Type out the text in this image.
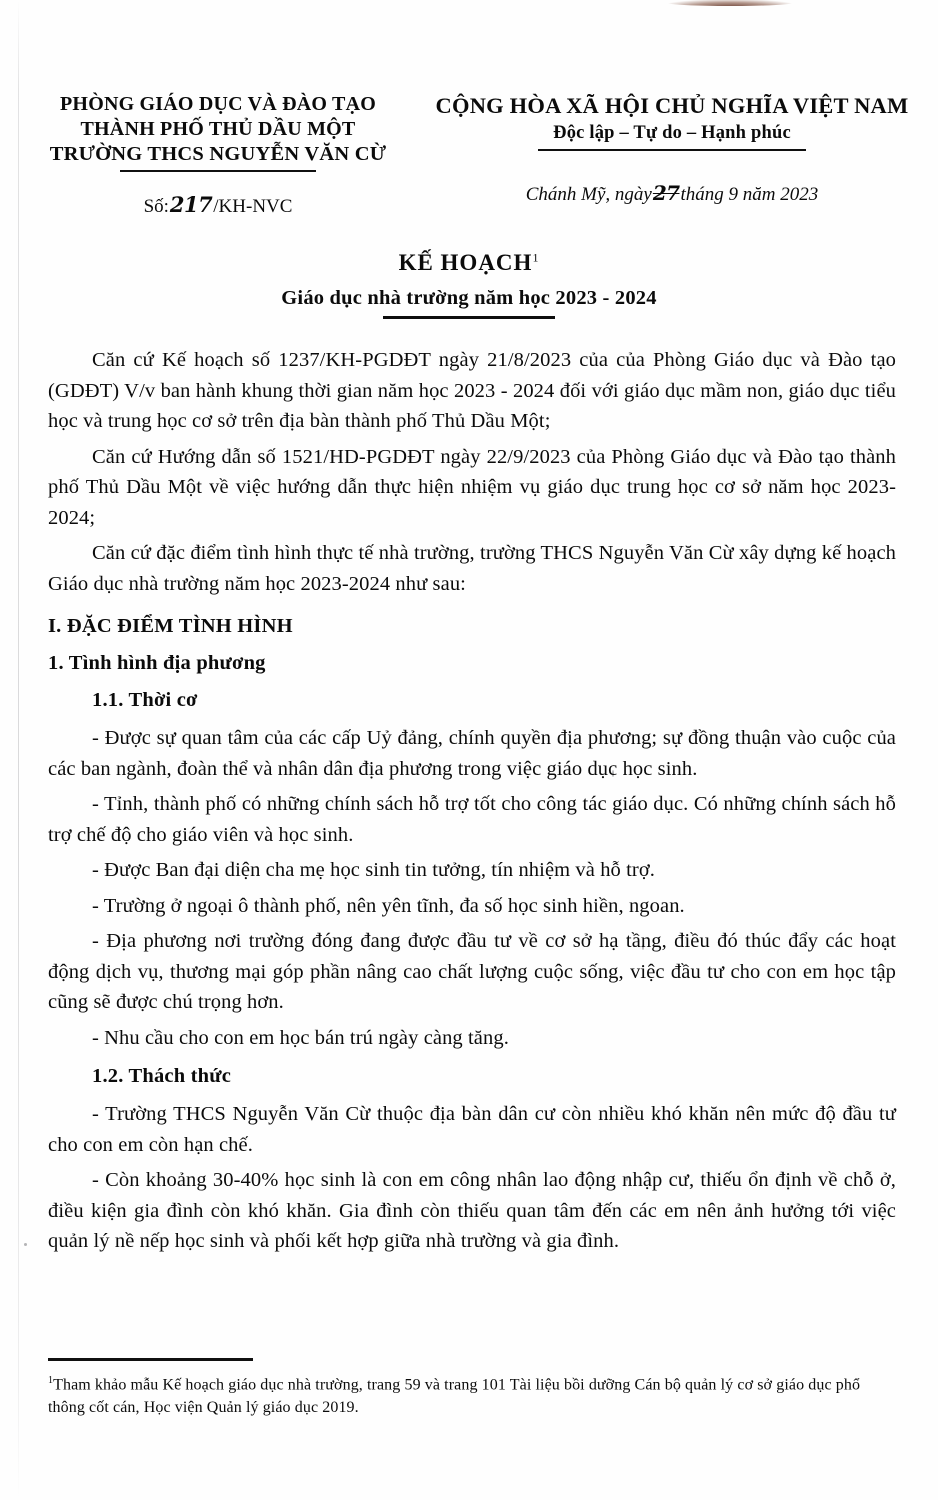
PHÒNG GIÁO DỤC VÀ ĐÀO TẠO
THÀNH PHỐ THỦ DẦU MỘT
TRƯỜNG THCS NGUYỄN VĂN CỪ
Số:217/KH-NVC
CỘNG HÒA XÃ HỘI CHỦ NGHĨA VIỆT NAM
Độc lập – Tự do – Hạnh phúc
Chánh Mỹ, ngày27tháng 9 năm 2023
KẾ HOẠCH$^1$
Giáo dục nhà trường năm học 2023 - 2024

Căn cứ Kế hoạch số 1237/KH-PGDĐT ngày 21/8/2023 của của Phòng Giáo dục và Đào tạo (GDĐT) V/v ban hành khung thời gian năm học 2023 - 2024 đối với giáo dục mầm non, giáo dục tiểu học và trung học cơ sở trên địa bàn thành phố Thủ Dầu Một;

Căn cứ Hướng dẫn số 1521/HD-PGDĐT ngày 22/9/2023 của Phòng Giáo dục và Đào tạo thành phố Thủ Dầu Một về việc hướng dẫn thực hiện nhiệm vụ giáo dục trung học cơ sở năm học 2023-2024;

Căn cứ đặc điểm tình hình thực tế nhà trường, trường THCS Nguyễn Văn Cừ xây dựng kế hoạch Giáo dục nhà trường năm học 2023-2024 như sau:

I. ĐẶC ĐIỂM TÌNH HÌNH
1. Tình hình địa phương
1.1. Thời cơ

- Được sự quan tâm của các cấp Uỷ đảng, chính quyền địa phương; sự đồng thuận vào cuộc của các ban ngành, đoàn thể và nhân dân địa phương trong việc giáo dục học sinh.

- Tỉnh, thành phố có những chính sách hỗ trợ tốt cho công tác giáo dục. Có những chính sách hỗ trợ chế độ cho giáo viên và học sinh.

- Được Ban đại diện cha mẹ học sinh tin tưởng, tín nhiệm và hỗ trợ.

- Trường ở ngoại ô thành phố, nên yên tĩnh, đa số học sinh hiền, ngoan.

- Địa phương nơi trường đóng đang được đầu tư về cơ sở hạ tầng, điều đó thúc đẩy các hoạt động dịch vụ, thương mại góp phần nâng cao chất lượng cuộc sống, việc đầu tư cho con em học tập cũng sẽ được chú trọng hơn.

- Nhu cầu cho con em học bán trú ngày càng tăng.

1.2. Thách thức

- Trường THCS Nguyễn Văn Cừ thuộc địa bàn dân cư còn nhiều khó khăn nên mức độ đầu tư cho con em còn hạn chế.

- Còn khoảng 30-40% học sinh là con em công nhân lao động nhập cư, thiếu ổn định về chỗ ở, điều kiện gia đình còn khó khăn. Gia đình còn thiếu quan tâm đến các em nên ảnh hưởng tới việc quản lý nề nếp học sinh và phối kết hợp giữa nhà trường và gia đình.

$^1$Tham khảo mẫu Kế hoạch giáo dục nhà trường, trang 59 và trang 101 Tài liệu bồi dưỡng Cán bộ quản lý cơ sở giáo dục phổ thông cốt cán, Học viện Quản lý giáo dục 2019.
